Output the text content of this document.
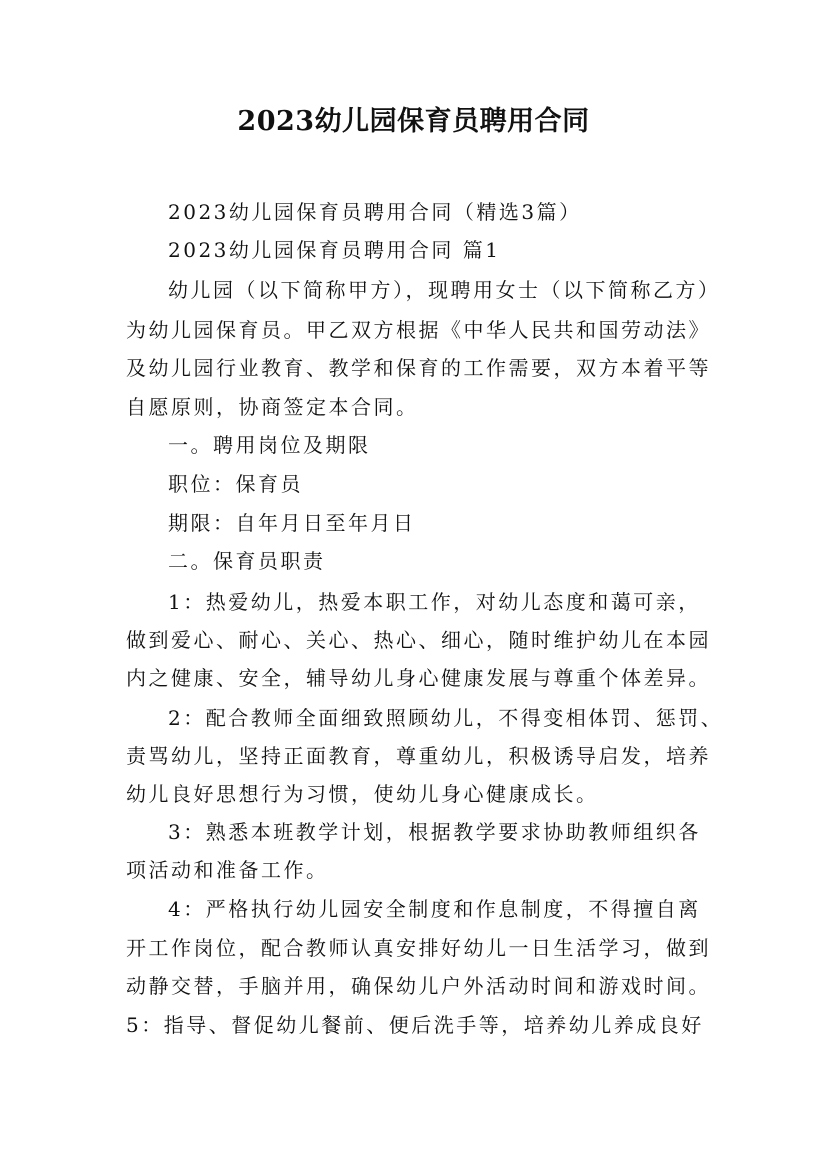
2023幼儿园保育员聘用合同
2023幼儿园保育员聘用合同（精选3篇）
2023幼儿园保育员聘用合同 篇1
幼儿园（以下简称甲方），现聘用女士（以下简称乙方）
为幼儿园保育员。甲乙双方根据《中华人民共和国劳动法》
及幼儿园行业教育、教学和保育的工作需要，双方本着平等
自愿原则，协商签定本合同。
一。聘用岗位及期限
职位：保育员
期限：自年月日至年月日
二。保育员职责
1：热爱幼儿，热爱本职工作，对幼儿态度和蔼可亲，
做到爱心、耐心、关心、热心、细心，随时维护幼儿在本园
内之健康、安全，辅导幼儿身心健康发展与尊重个体差异。
2：配合教师全面细致照顾幼儿，不得变相体罚、惩罚、
责骂幼儿，坚持正面教育，尊重幼儿，积极诱导启发，培养
幼儿良好思想行为习惯，使幼儿身心健康成长。
3：熟悉本班教学计划，根据教学要求协助教师组织各
项活动和准备工作。
4：严格执行幼儿园安全制度和作息制度，不得擅自离
开工作岗位，配合教师认真安排好幼儿一日生活学习，做到
动静交替，手脑并用，确保幼儿户外活动时间和游戏时间。
5：指导、督促幼儿餐前、便后洗手等，培养幼儿养成良好
